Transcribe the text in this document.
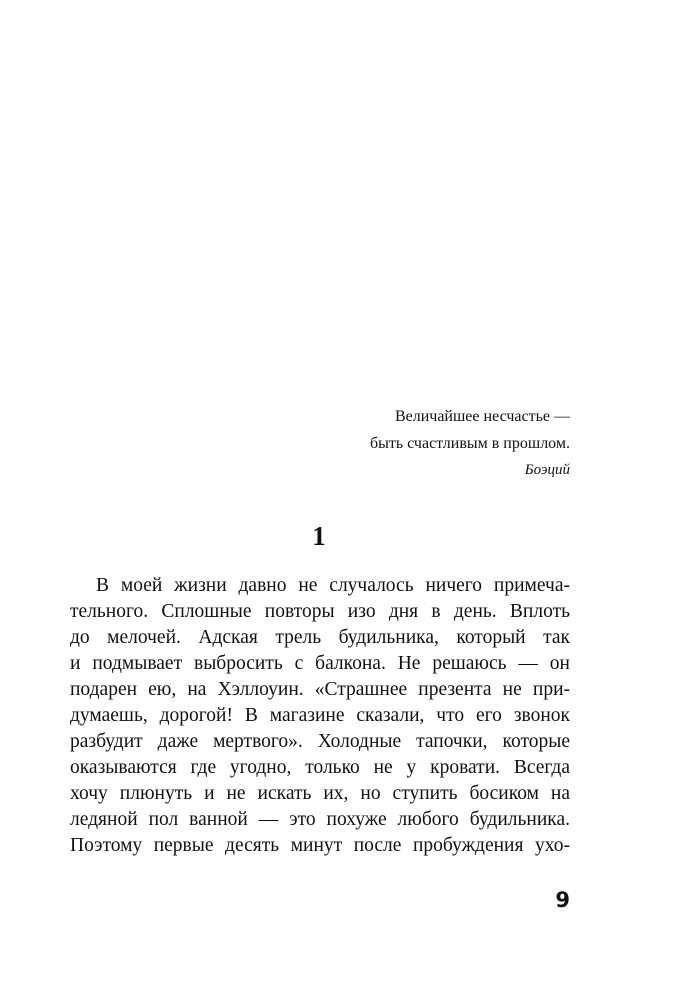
Величайшее несчастье —
быть счастливым в прошлом.
Боэций
1
В моей жизни давно не случалось ничего примеча-
тельного. Сплошные повторы изо дня в день. Вплоть
до мелочей. Адская трель будильника, который так
и подмывает выбросить с балкона. Не решаюсь — он
подарен ею, на Хэллоуин. «Страшнее презента не при-
думаешь, дорогой! В магазине сказали, что его звонок
разбудит даже мертвого». Холодные тапочки, которые
оказываются где угодно, только не у кровати. Всегда
хочу плюнуть и не искать их, но ступить босиком на
ледяной пол ванной — это похуже любого будильника.
Поэтому первые десять минут после пробуждения ухо-
9
